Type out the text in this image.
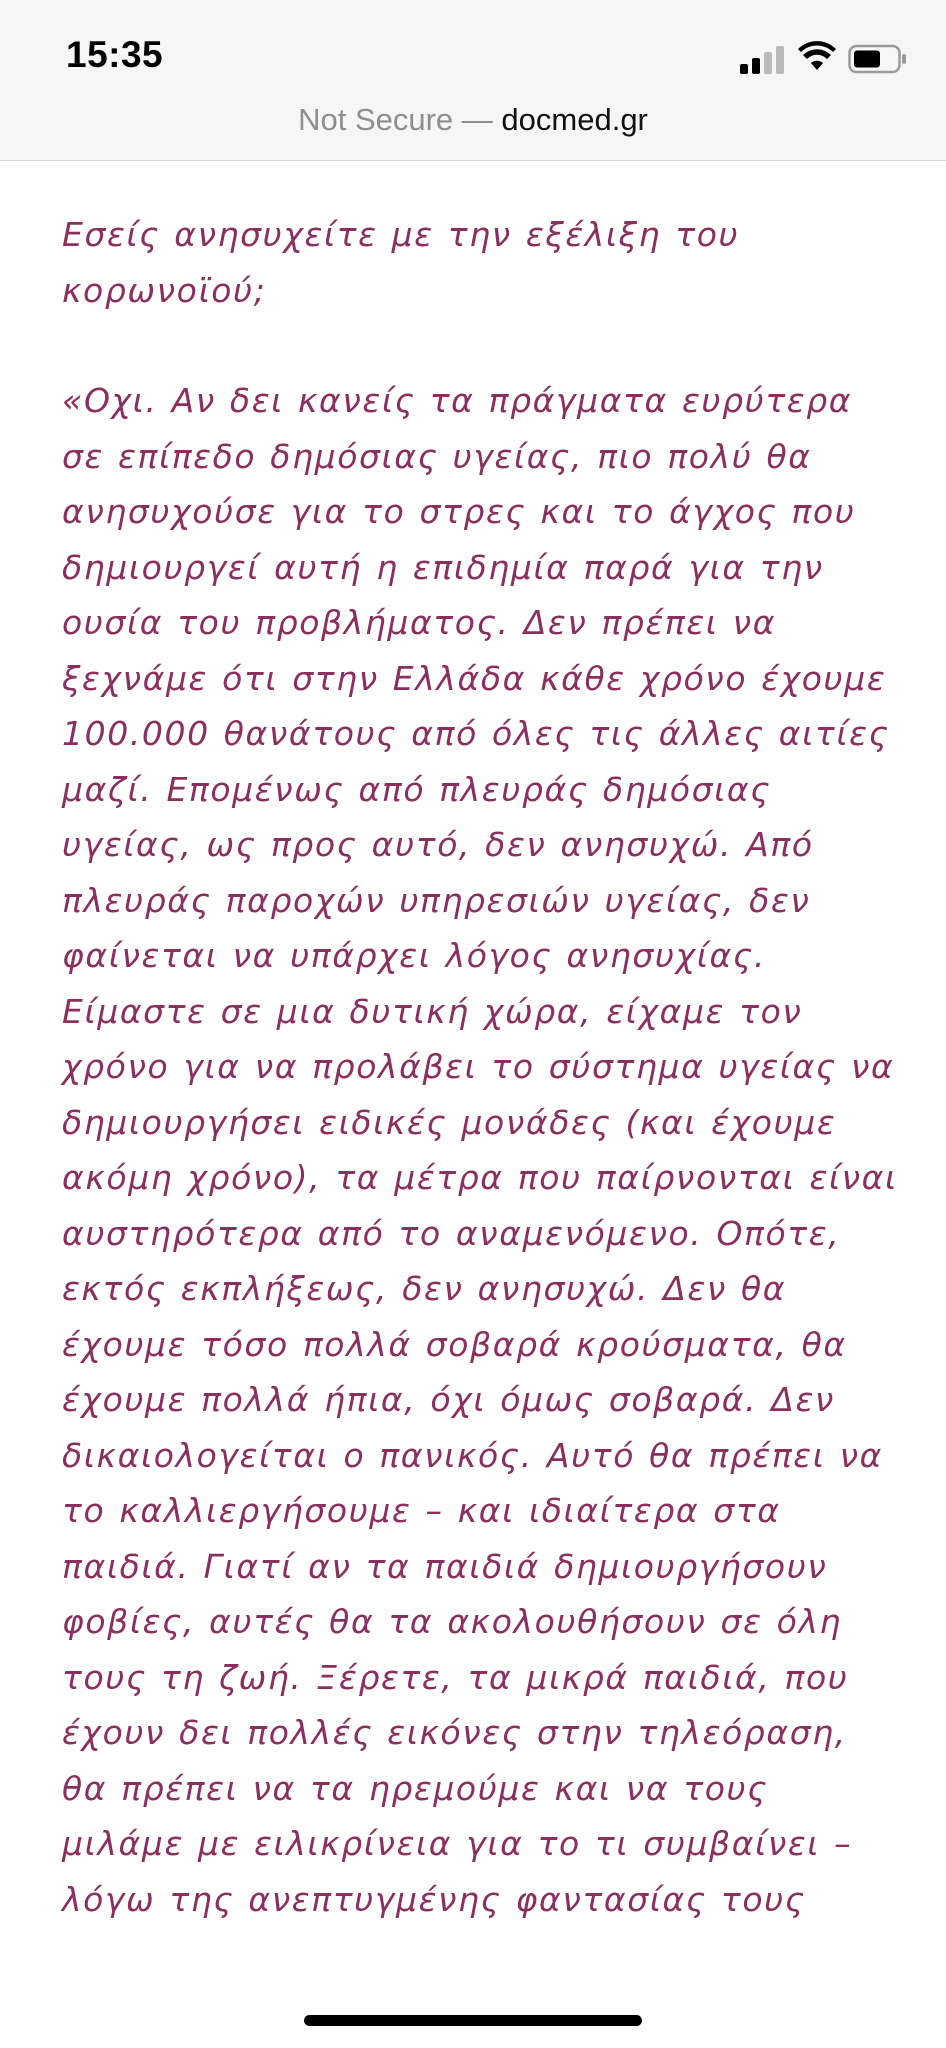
15:35
Not Secure — docmed.gr

Εσείς ανησυχείτε με την εξέλιξη του κορωνοϊού;

«Οχι. Αν δει κανείς τα πράγματα ευρύτερα σε επίπεδο δημόσιας υγείας, πιο πολύ θα ανησυχούσε για το στρες και το άγχος που δημιουργεί αυτή η επιδημία παρά για την ουσία του προβλήματος. Δεν πρέπει να ξεχνάμε ότι στην Ελλάδα κάθε χρόνο έχουμε 100.000 θανάτους από όλες τις άλλες αιτίες μαζί. Επομένως από πλευράς δημόσιας υγείας, ως προς αυτό, δεν ανησυχώ. Από πλευράς παροχών υπηρεσιών υγείας, δεν φαίνεται να υπάρχει λόγος ανησυχίας. Είμαστε σε μια δυτική χώρα, είχαμε τον χρόνο για να προλάβει το σύστημα υγείας να δημιουργήσει ειδικές μονάδες (και έχουμε ακόμη χρόνο), τα μέτρα που παίρνονται είναι αυστηρότερα από το αναμενόμενο. Οπότε, εκτός εκπλήξεως, δεν ανησυχώ. Δεν θα έχουμε τόσο πολλά σοβαρά κρούσματα, θα έχουμε πολλά ήπια, όχι όμως σοβαρά. Δεν δικαιολογείται ο πανικός. Αυτό θα πρέπει να το καλλιεργήσουμε – και ιδιαίτερα στα παιδιά. Γιατί αν τα παιδιά δημιουργήσουν φοβίες, αυτές θα τα ακολουθήσουν σε όλη τους τη ζωή. Ξέρετε, τα μικρά παιδιά, που έχουν δει πολλές εικόνες στην τηλεόραση, θα πρέπει να τα ηρεμούμε και να τους μιλάμε με ειλικρίνεια για το τι συμβαίνει – λόγω της ανεπτυγμένης φαντασίας τους
